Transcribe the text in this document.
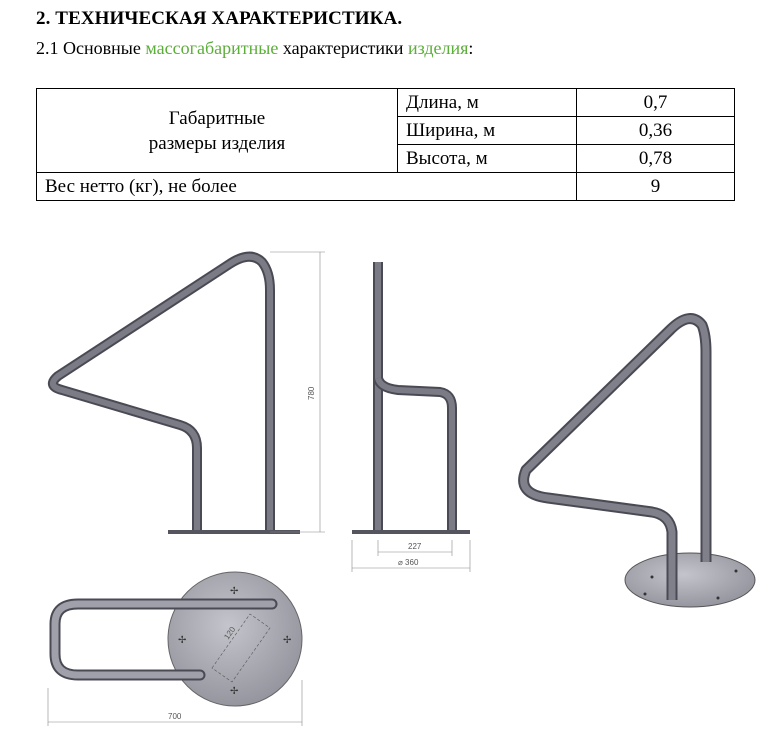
2. ТЕХНИЧЕСКАЯ ХАРАКТЕРИСТИКА.
2.1 Основные массогабаритные характеристики изделия:
Габаритные
размеры изделия	Длина, м	0,7
	Ширина, м	0,36
	Высота, м	0,78
Вес нетто (кг), не более		9
780
227
⌀ 360
✢
✢	✢
✢
120
700
